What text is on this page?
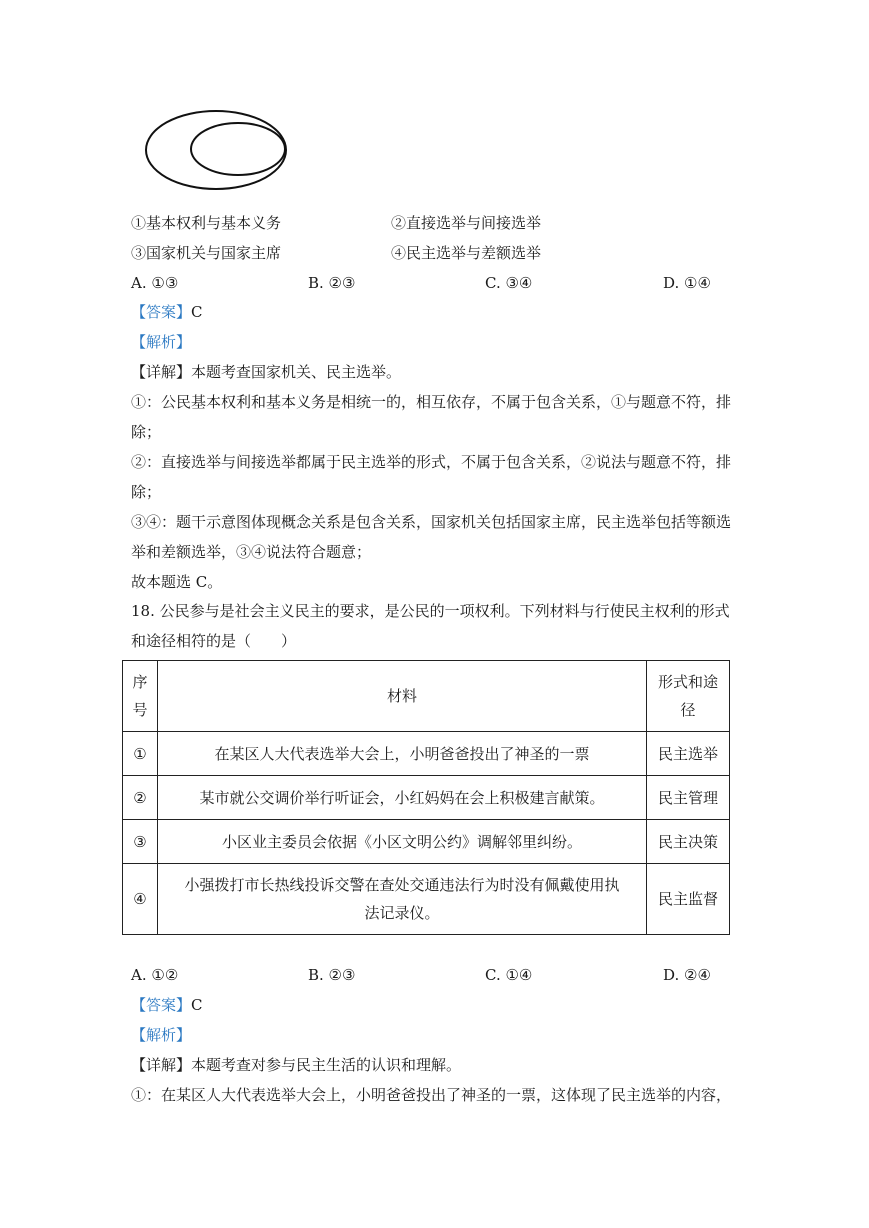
①基本权利与基本义务	②直接选举与间接选举
③国家机关与国家主席	④民主选举与差额选举
A. ①③	B. ②③	C. ③④	D. ①④
【答案】C
【解析】
【详解】本题考查国家机关、民主选举。
①：公民基本权利和基本义务是相统一的，相互依存，不属于包含关系，①与题意不符，排
除；
②：直接选举与间接选举都属于民主选举的形式，不属于包含关系，②说法与题意不符，排
除；
③④：题干示意图体现概念关系是包含关系，国家机关包括国家主席，民主选举包括等额选
举和差额选举，③④说法符合题意；
故本题选 C。
18. 公民参与是社会主义民主的要求，是公民的一项权利。下列材料与行使民主权利的形式
和途径相符的是（　　）
序
号	材料	形式和途
径
①	在某区人大代表选举大会上，小明爸爸投出了神圣的一票	民主选举
②	某市就公交调价举行听证会，小红妈妈在会上积极建言献策。	民主管理
③	小区业主委员会依据《小区文明公约》调解邻里纠纷。	民主决策
④	小强拨打市长热线投诉交警在查处交通违法行为时没有佩戴使用执
法记录仪。	民主监督
A. ①②	B. ②③	C. ①④	D. ②④
【答案】C
【解析】
【详解】本题考查对参与民主生活的认识和理解。
①：在某区人大代表选举大会上，小明爸爸投出了神圣的一票，这体现了民主选举的内容，
